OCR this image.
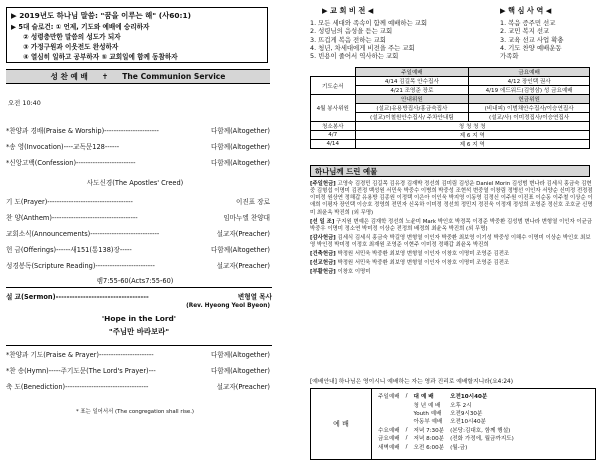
▶ 2019년도 하나님 말씀: "꿈을 이루는 해" (사60:1)
▶ 5대 슬로건: ① 언제, 기도와 예배에 승리하자
② 성령충만한 말씀의 성도가 되자
③ 가정구원과 이웃전도 완성하자
④ 열심히 일하고 공부하자 ⑤ 교회일에 함께 동참하자
성 찬 예 배 ✝ The Communion Service
오전 10:40
*찬양과 경배(Praise & Worship) -----------------------	다함께(Altogether)
*송 영(Invocation) ----교독문128------	다함께(Altogether)
*신앙고백(Confession) -------------------------	다함께(Altogether)
사도신경(The Apostles' Creed)
기 도(Prayer) ------------------------------------	이진표 장로
찬 양(Anthem) ------------------------------------	임마누엘 찬양대
교회소식(Announcements) -----------------------------	설교자(Preacher)
헌 금(Offerings) ------새151(통138)장-----	다함께(Altogether)
성경봉독(Scripture Reading) -------------------------	설교자(Preacher)
렘7:55-60(Acts7:55-60)
설 교(Sermon) ----------------------------------	변형열 목사
(Rev. Hyeong Yeol Byeon)
'Hope in the Lord'
"주님만 바라보라"
*찬양과 기도(Praise & Prayer) -----------------------	다함께(Altogether)
*찬 송(Hymn) -----주기도문(The Lord's Prayer)---	다함께(Altogether)
축 도(Benediction) -----------------------------------	설교자(Preacher)
* 표는 일어서서 (The congregation shall rise.)
▶ 교 회 비 전 ◀
1. 모든 세대와 족속이 함께 예배하는 교회
2. 성령님의 음성을 듣는 교회
3. 뜨겁게 복음 전하는 교회
4. 청년, 차세대에게 비전을 주는 교회
5. 빈용이 줄어서 역사하는 교회
▶ 핵 심 사 역 ◀
1. 복음 증주민 선교
2. 교민 복지 선교
3. 교육 선교 사업 확충
4. 기도 찬양 예배운동
가족화
	주일예배	금요예배
기도순서	4/14 김길목 안수집사	4/12 장인택 권사
	4/21 조영준 장로	4/19 에드워드(김영삼) 성 금요예배
4월 봉사위원	안내위원	헌금위원
	(설교)유용방집사/홍금숙집사	(비내피) 이범채안수집사/이승연집사
	(설교)이철원안수집사/ 주차안내팀	(설교/사) 이미정집사/이승연집사
청소봉사	청 청 청 청	
4/7	제 6 지 역	
4/14	제 6 지 역	
하나님께 드린 예물

[주일헌금] 고영숙 김경민 김길목 김유경 김재박 정선희 김미림 김성운 Daniel Morin 김성범 변나라 김세식 홍금숙 김현중 김형섭 이명미 김전정 백성원 서민욱 박중수 이병희 박중성 조현석 변중열 이창림 정병선 이인자 서양순 신미정 전정점 이미정 원상연 정해갑 유용방 김종원 이정택 이은아 이인욱 박지영 이동영 김정신 이주원 이진표 이순동 이주철 이상순 이애희 이평자 장인택 이승호 정영희 전민자 신옥하 이미정 정선희 정민지 정진욱 이정재 정성희 조영준 정신호 조호균 신명미 최윤옥 박진희 (외 무명)

[선 일 조] 구지원 변예은 김재학 정선희 노윤미 Mark 박인호 박정목 이경준 박중환 김성범 변나라 변형열 이인자 이균금 박중우 이명미 정소연 박미정 이상순 전정희 배정희 최윤옥 박진희 (외 무명)

[감사헌금] 김세식 김세식 홍금숙 박길영 변형열 이인자 박중환 최보영 이기성 박중성 이해수 이명미 이상순 박인호 최보영 박인정 박미정 이정호 최재원 조영준 이현주 이미정 정해갑 최윤옥 박진희

[건축헌금] 박정원 서민욱 박중환 최보영 변형열 이인자 이창호 이명미 조영준 김전조

[선교헌금] 박정원 서민욱 박중환 최보영 변형열 이인자 이창호 이명미 조영준 김전조

[부활헌금] 이창호 이명미

[예배안내] 하나님은 영이시니 예배하는 자는 영과 진리로 예배할지니라(요4:24)
예 배
주일예배	/	대 예 배	오전10시40분
		청 년 예 배	오후 2시
		Youth 예배	오전9시30분
		아동부 예배	오전10시40분
수요예배	/	저녁 7:30분	(본당:김대호, 함께 행설)
금요예배	/	저녁 8:00분	(전화 가정에, 월금까지도)
새벽예배	/	오전 6:00분	(월-금)
